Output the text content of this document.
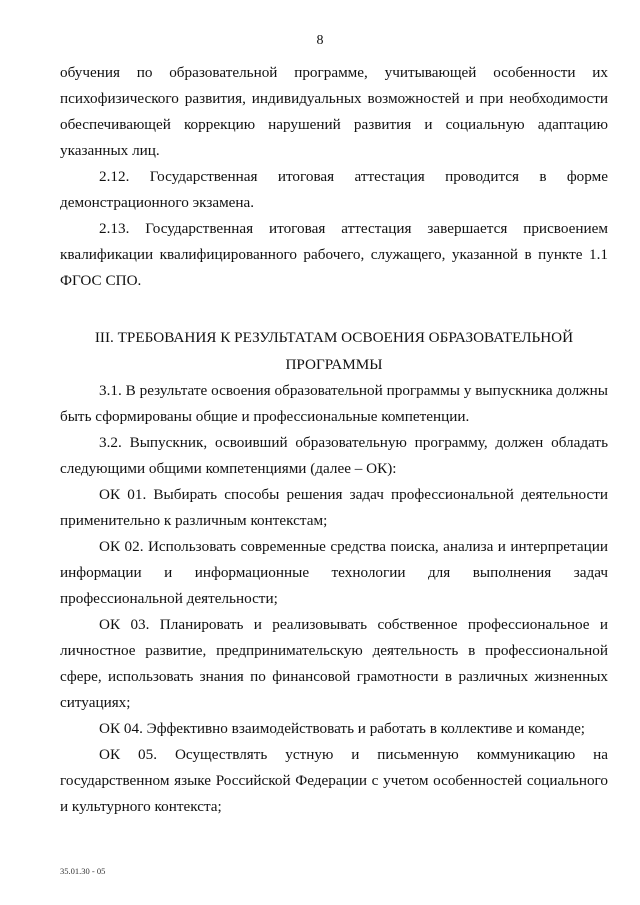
8

обучения по образовательной программе, учитывающей особенности их психофизического развития, индивидуальных возможностей и при необходимости обеспечивающей коррекцию нарушений развития и социальную адаптацию указанных лиц.

2.12. Государственная итоговая аттестация проводится в форме демонстрационного экзамена.

2.13. Государственная итоговая аттестация завершается присвоением квалификации квалифицированного рабочего, служащего, указанной в пункте 1.1 ФГОС СПО.

III. ТРЕБОВАНИЯ К РЕЗУЛЬТАТАМ ОСВОЕНИЯ ОБРАЗОВАТЕЛЬНОЙ ПРОГРАММЫ

3.1. В результате освоения образовательной программы у выпускника должны быть сформированы общие и профессиональные компетенции.

3.2. Выпускник, освоивший образовательную программу, должен обладать следующими общими компетенциями (далее – ОК):

ОК 01. Выбирать способы решения задач профессиональной деятельности применительно к различным контекстам;

ОК 02. Использовать современные средства поиска, анализа и интерпретации информации и информационные технологии для выполнения задач профессиональной деятельности;

ОК 03. Планировать и реализовывать собственное профессиональное и личностное развитие, предпринимательскую деятельность в профессиональной сфере, использовать знания по финансовой грамотности в различных жизненных ситуациях;

ОК 04. Эффективно взаимодействовать и работать в коллективе и команде;

ОК 05. Осуществлять устную и письменную коммуникацию на государственном языке Российской Федерации с учетом особенностей социального и культурного контекста;

35.01.30 - 05
